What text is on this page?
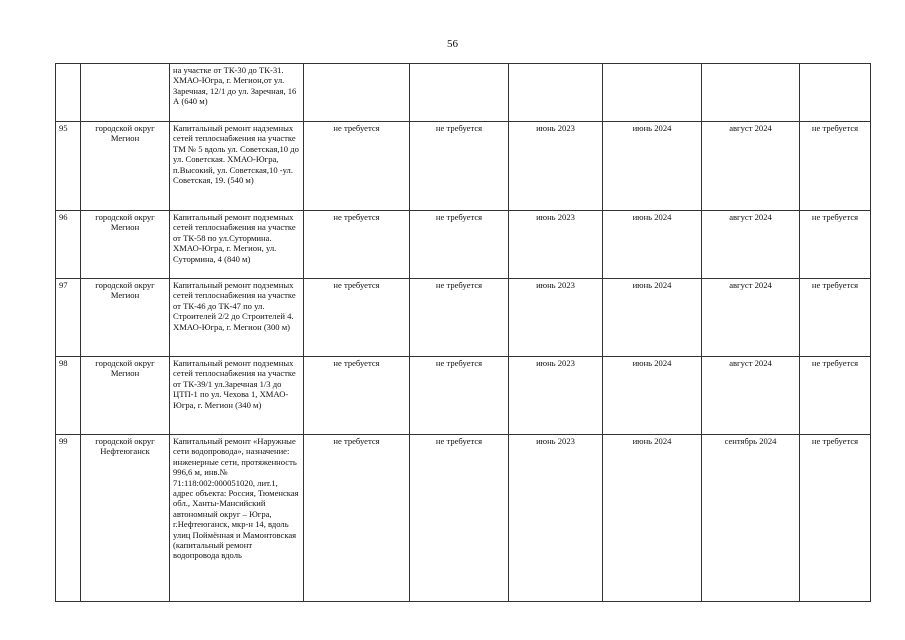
56
		на участке от ТК-30 до ТК-31. ХМАО-Югра, г. Мегион,от ул. Заречная, 12/1 до ул. Заречная, 16 А (640 м)						
95	городской округ Мегион	Капитальный ремонт надземных сетей теплоснабжения на участке ТМ № 5 вдоль ул. Советская,10 до ул. Советская. ХМАО-Югра, п.Высокий, ул. Советская,10 -ул. Советская, 19. (540 м)	не требуется	не требуется	июнь 2023	июнь 2024	август 2024	не требуется
96	городской округ Мегион	Капитальный ремонт подземных сетей теплоснабжения на участке от ТК-58 по ул.Сутормина. ХМАО-Югра, г. Мегион, ул. Сутормина, 4 (840 м)	не требуется	не требуется	июнь 2023	июнь 2024	август 2024	не требуется
97	городской округ Мегион	Капитальный ремонт подземных сетей теплоснабжения на участке от ТК-46 до ТК-47 по ул. Строителей 2/2 до Строителей 4. ХМАО-Югра, г. Мегион (300 м)	не требуется	не требуется	июнь 2023	июнь 2024	август 2024	не требуется
98	городской округ Мегион	Капитальный ремонт подземных сетей теплоснабжения на участке от ТК-39/1 ул.Заречная 1/3 до ЦТП-1 по ул. Чехова 1, ХМАО-Югра, г. Мегион (340 м)	не требуется	не требуется	июнь 2023	июнь 2024	август 2024	не требуется
99	городской округ Нефтеюганск	Капитальный ремонт «Наружные сети водопровода», назначение: инженерные сети, протяженность 996,6 м, инв.№ 71:118:002:000051020, лит.1, адрес объекта: Россия, Тюменская обл., Ханты-Мансийский автономный округ – Югра, г.Нефтеюганск, мкр-н 14, вдоль улиц Поймённая и Мамонтовская (капитальный ремонт водопровода вдоль	не требуется	не требуется	июнь 2023	июнь 2024	сентябрь 2024	не требуется
